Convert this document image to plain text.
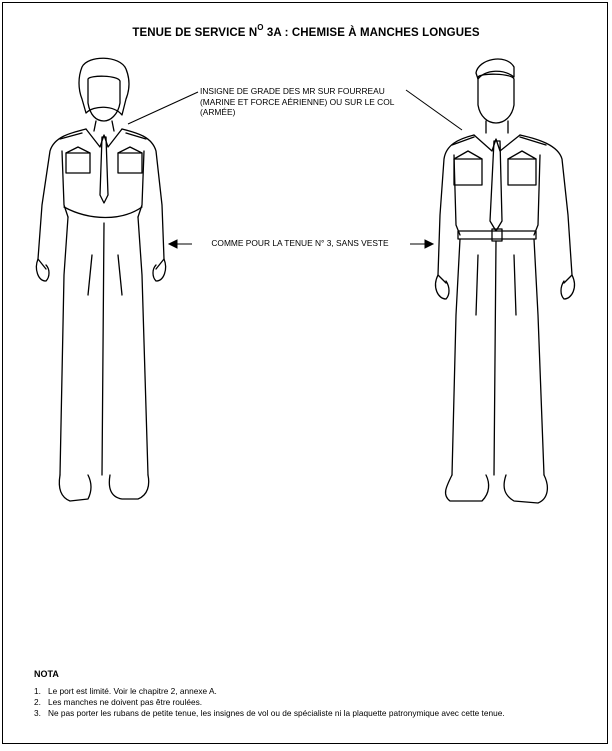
TENUE DE SERVICE $N^O$ 3A : CHEMISE À MANCHES LONGUES
INSIGNE DE GRADE DES MR SUR FOURREAU (MARINE ET FORCE AÉRIENNE) OU SUR LE COL (ARMÉE)
COMME POUR LA TENUE N° 3, SANS VESTE
NOTA
1. Le port est limité. Voir le chapitre 2, annexe A.
2. Les manches ne doivent pas être roulées.
3. Ne pas porter les rubans de petite tenue, les insignes de vol ou de spécialiste ni la plaquette patronymique avec cette tenue.
